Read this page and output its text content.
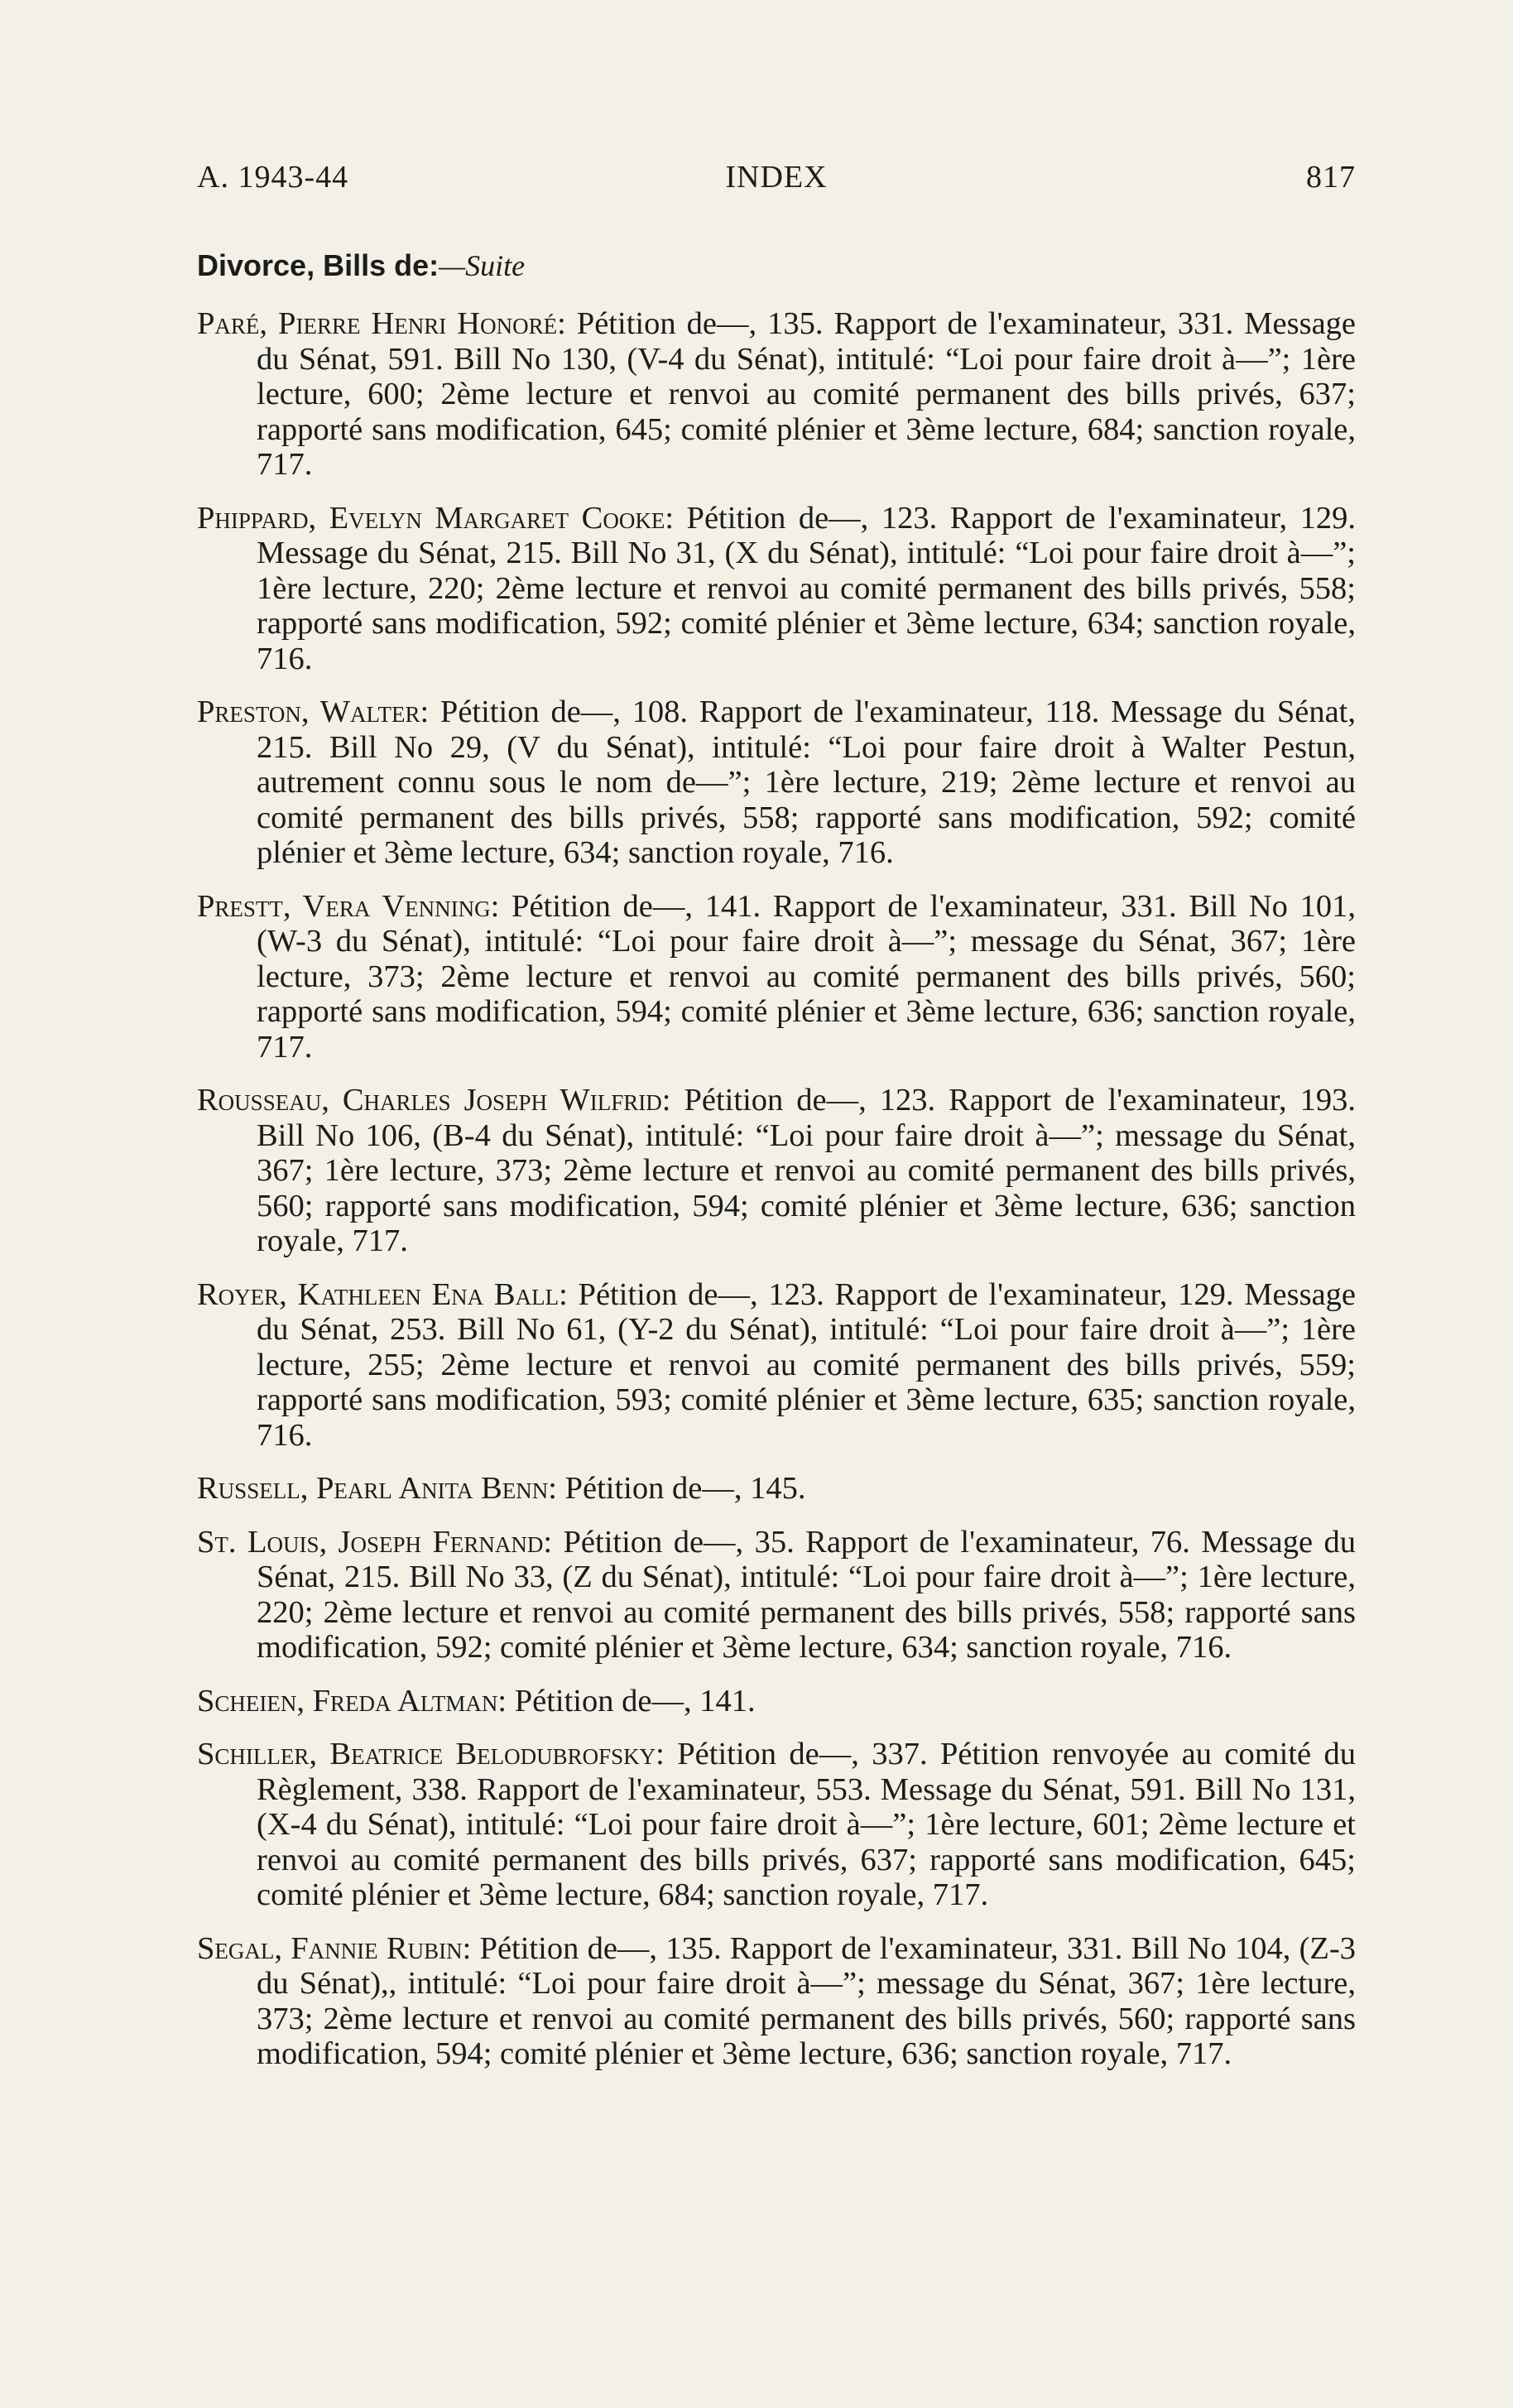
A. 1943-44	INDEX	817
Divorce, Bills de:—Suite

Paré, Pierre Henri Honoré: Pétition de—, 135. Rapport de l'examinateur, 331. Message du Sénat, 591. Bill No 130, (V-4 du Sénat), intitulé: “Loi pour faire droit à—”; 1ère lecture, 600; 2ème lecture et renvoi au comité permanent des bills privés, 637; rapporté sans modification, 645; comité plénier et 3ème lecture, 684; sanction royale, 717.

Phippard, Evelyn Margaret Cooke: Pétition de—, 123. Rapport de l'examinateur, 129. Message du Sénat, 215. Bill No 31, (X du Sénat), intitulé: “Loi pour faire droit à—”; 1ère lecture, 220; 2ème lecture et renvoi au comité permanent des bills privés, 558; rapporté sans modification, 592; comité plénier et 3ème lecture, 634; sanction royale, 716.

Preston, Walter: Pétition de—, 108. Rapport de l'examinateur, 118. Message du Sénat, 215. Bill No 29, (V du Sénat), intitulé: “Loi pour faire droit à Walter Pestun, autrement connu sous le nom de—”; 1ère lecture, 219; 2ème lecture et renvoi au comité permanent des bills privés, 558; rapporté sans modification, 592; comité plénier et 3ème lecture, 634; sanction royale, 716.

Prestt, Vera Venning: Pétition de—, 141. Rapport de l'examinateur, 331. Bill No 101, (W-3 du Sénat), intitulé: “Loi pour faire droit à—”; message du Sénat, 367; 1ère lecture, 373; 2ème lecture et renvoi au comité permanent des bills privés, 560; rapporté sans modification, 594; comité plénier et 3ème lecture, 636; sanction royale, 717.

Rousseau, Charles Joseph Wilfrid: Pétition de—, 123. Rapport de l'examinateur, 193. Bill No 106, (B-4 du Sénat), intitulé: “Loi pour faire droit à—”; message du Sénat, 367; 1ère lecture, 373; 2ème lecture et renvoi au comité permanent des bills privés, 560; rapporté sans modification, 594; comité plénier et 3ème lecture, 636; sanction royale, 717.

Royer, Kathleen Ena Ball: Pétition de—, 123. Rapport de l'examinateur, 129. Message du Sénat, 253. Bill No 61, (Y-2 du Sénat), intitulé: “Loi pour faire droit à—”; 1ère lecture, 255; 2ème lecture et renvoi au comité permanent des bills privés, 559; rapporté sans modification, 593; comité plénier et 3ème lecture, 635; sanction royale, 716.

Russell, Pearl Anita Benn: Pétition de—, 145.

St. Louis, Joseph Fernand: Pétition de—, 35. Rapport de l'examinateur, 76. Message du Sénat, 215. Bill No 33, (Z du Sénat), intitulé: “Loi pour faire droit à—”; 1ère lecture, 220; 2ème lecture et renvoi au comité permanent des bills privés, 558; rapporté sans modification, 592; comité plénier et 3ème lecture, 634; sanction royale, 716.

Scheien, Freda Altman: Pétition de—, 141.

Schiller, Beatrice Belodubrofsky: Pétition de—, 337. Pétition renvoyée au comité du Règlement, 338. Rapport de l'examinateur, 553. Message du Sénat, 591. Bill No 131, (X-4 du Sénat), intitulé: “Loi pour faire droit à—”; 1ère lecture, 601; 2ème lecture et renvoi au comité permanent des bills privés, 637; rapporté sans modification, 645; comité plénier et 3ème lecture, 684; sanction royale, 717.

Segal, Fannie Rubin: Pétition de—, 135. Rapport de l'examinateur, 331. Bill No 104, (Z-3 du Sénat),, intitulé: “Loi pour faire droit à—”; message du Sénat, 367; 1ère lecture, 373; 2ème lecture et renvoi au comité permanent des bills privés, 560; rapporté sans modification, 594; comité plénier et 3ème lecture, 636; sanction royale, 717.
